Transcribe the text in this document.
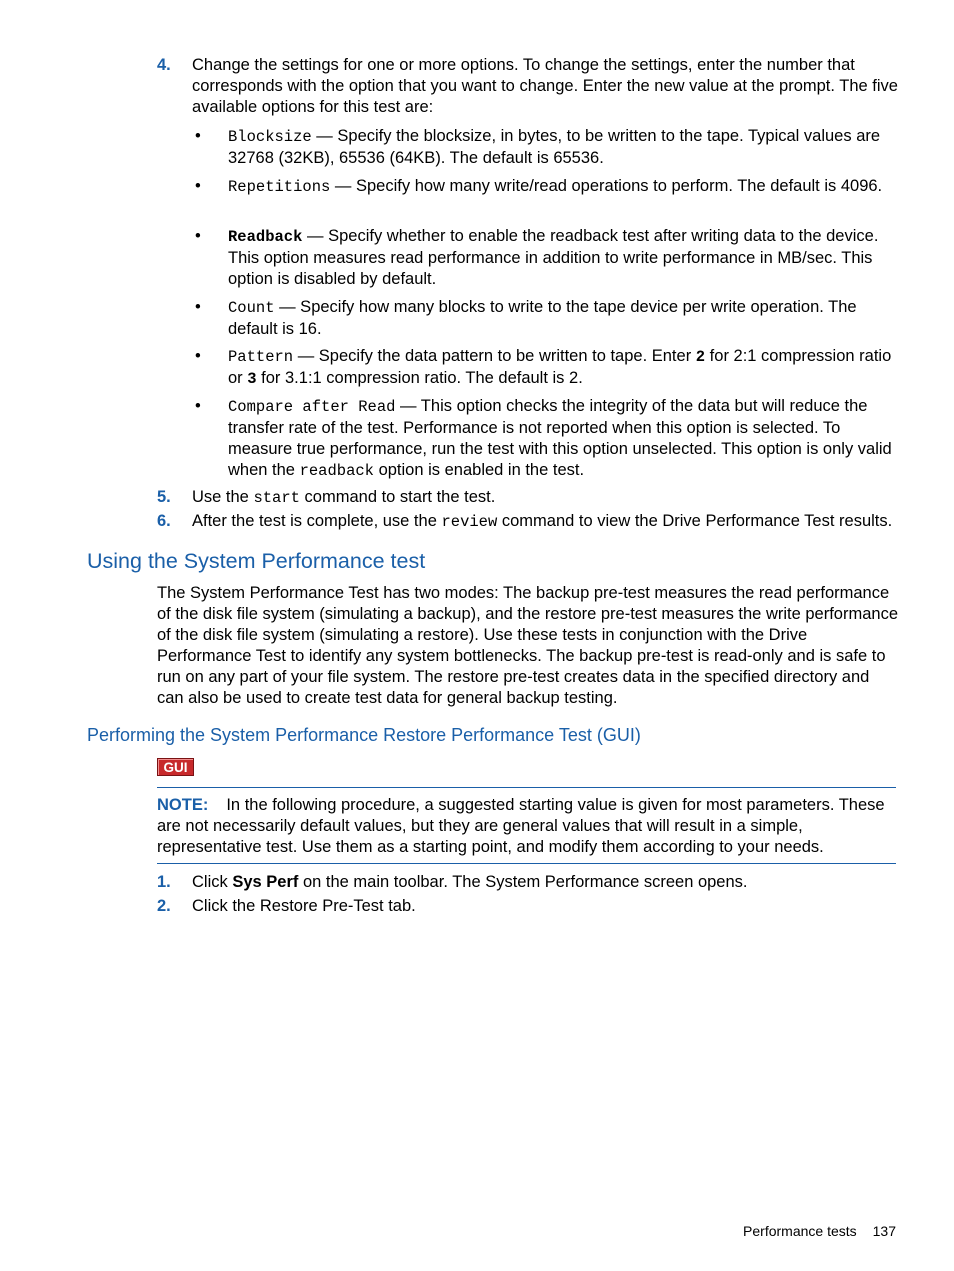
4. Change the settings for one or more options. To change the settings, enter the number that corresponds with the option that you want to change. Enter the new value at the prompt. The five available options for this test are:
• Blocksize — Specify the blocksize, in bytes, to be written to the tape. Typical values are 32768 (32KB), 65536 (64KB). The default is 65536.
• Repetitions — Specify how many write/read operations to perform. The default is 4096.
• Readback — Specify whether to enable the readback test after writing data to the device. This option measures read performance in addition to write performance in MB/sec. This option is disabled by default.
• Count — Specify how many blocks to write to the tape device per write operation. The default is 16.
• Pattern — Specify the data pattern to be written to tape. Enter 2 for 2:1 compression ratio or 3 for 3.1:1 compression ratio. The default is 2.
• Compare after Read — This option checks the integrity of the data but will reduce the transfer rate of the test. Performance is not reported when this option is selected. To measure true performance, run the test with this option unselected. This option is only valid when the readback option is enabled in the test.
5. Use the start command to start the test.
6. After the test is complete, use the review command to view the Drive Performance Test results.
Using the System Performance test
The System Performance Test has two modes: The backup pre-test measures the read performance of the disk file system (simulating a backup), and the restore pre-test measures the write performance of the disk file system (simulating a restore). Use these tests in conjunction with the Drive Performance Test to identify any system bottlenecks. The backup pre-test is read-only and is safe to run on any part of your file system. The restore pre-test creates data in the specified directory and can also be used to create test data for general backup testing.
Performing the System Performance Restore Performance Test (GUI)
GUI
NOTE: In the following procedure, a suggested starting value is given for most parameters. These are not necessarily default values, but they are general values that will result in a simple, representative test. Use them as a starting point, and modify them according to your needs.
1. Click Sys Perf on the main toolbar. The System Performance screen opens.
2. Click the Restore Pre-Test tab.
Performance tests 137
